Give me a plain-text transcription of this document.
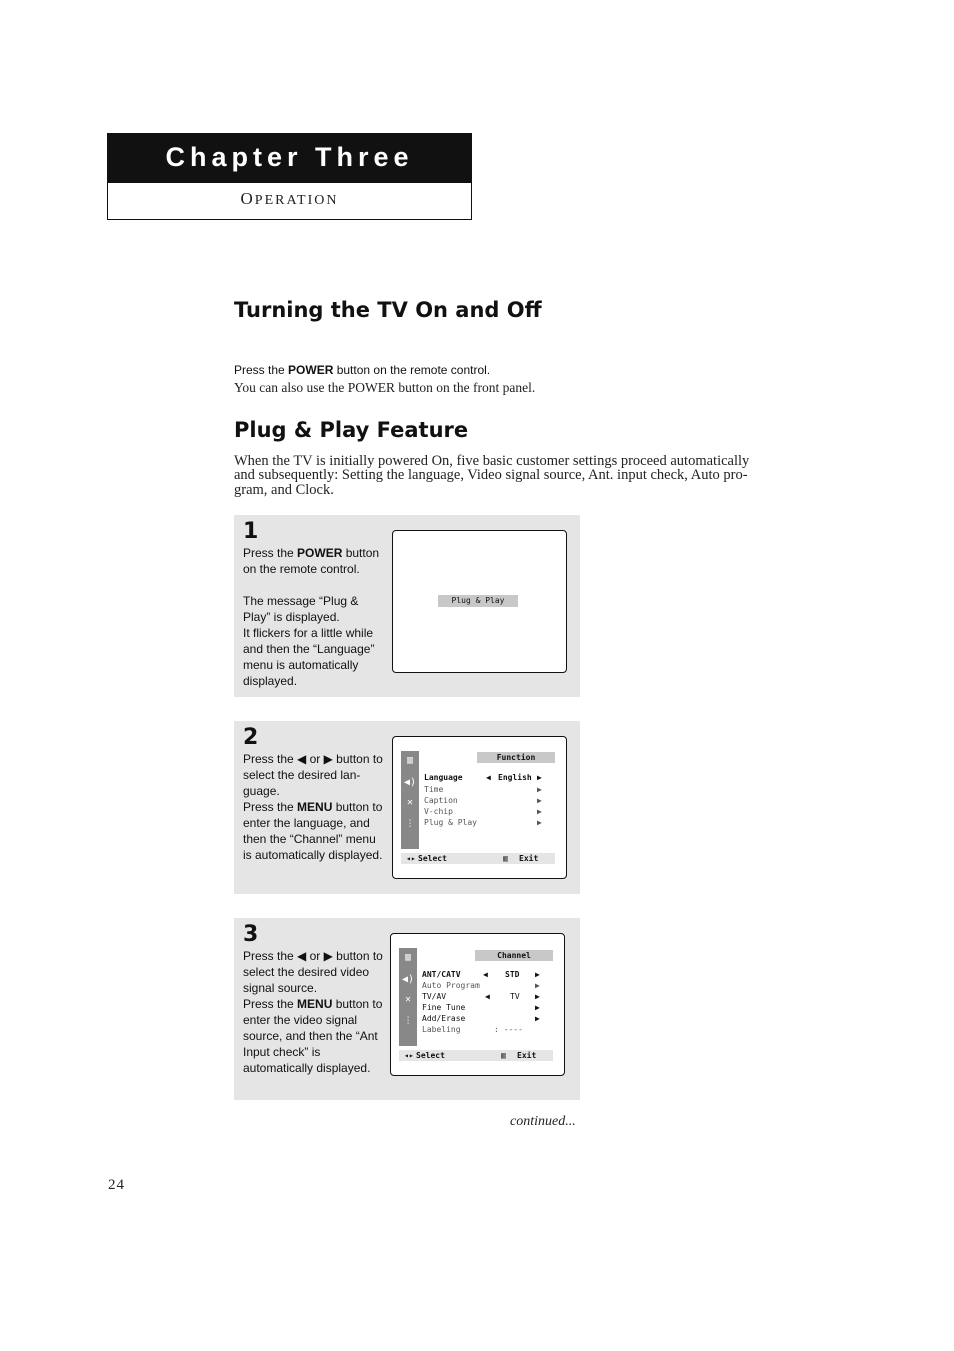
Chapter Three
OPERATION
Turning the TV On and Off
Press the POWER button on the remote control.
You can also use the POWER button on the front panel.
Plug & Play Feature
When the TV is initially powered On, five basic customer settings proceed automatically
and subsequently: Setting the language, Video signal source, Ant. input check, Auto pro-
gram, and Clock.
1

Press the POWER button on the remote control.

The message “Plug & Play” is displayed.

It flickers for a little while and then the “Language” menu is automatically displayed.

Plug & Play
2

Press the ◀ or ▶ button to select the desired lan-guage.

Press the MENU button to enter the language, and then the “Channel” menu is automatically displayed.

▥
◀)
✕
⫶
Function
Language	◀ English ▶
Time	▶
Caption	▶
V-chip	▶
Plug & Play	▶
◂▸ Select	▥ Exit
3

Press the ◀ or ▶ button to select the desired video signal source.

Press the MENU button to enter the video signal source, and then the “Ant Input check” is automatically displayed.

▥
◀)
✕
⫶
Channel
ANT/CATV	◀ STD ▶
Auto Program	▶
TV/AV	◀	TV ▶
Fine Tune	▶
Add/Erase	▶
Labeling	: ----
◂▸ Select	▥ Exit
continued...
24
